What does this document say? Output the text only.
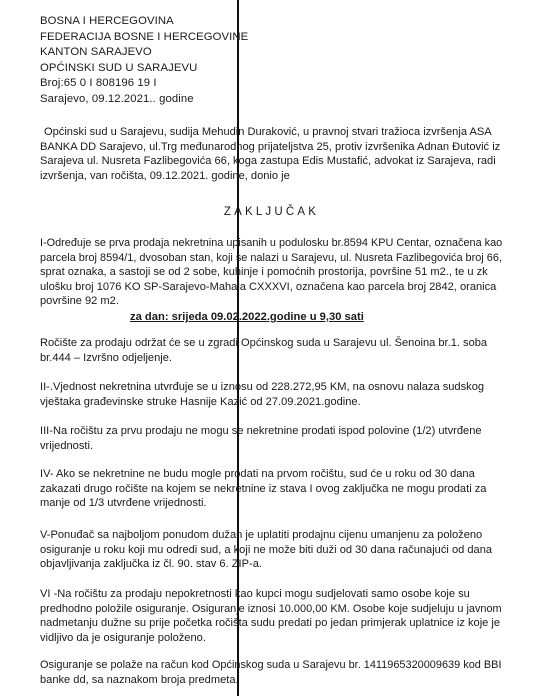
BOSNA I HERCEGOVINA
FEDERACIJA BOSNE I HERCEGOVINE
KANTON SARAJEVO
OPĆINSKI SUD U SARAJEVU
Broj:65 0 I 808196 19 I
Sarajevo, 09.12.2021.. godine
Općinski sud u Sarajevu, sudija Mehudin Duraković, u pravnoj stvari tražioca izvršenja ASA
BANKA DD Sarajevo, ul.Trg međunarodnog prijateljstva 25, protiv izvršenika Adnan Đutović iz
Sarajeva ul. Nusreta Fazlibegovića 66, koga zastupa Edis Mustafić, advokat iz Sarajeva, radi
izvršenja, van ročišta, 09.12.2021. godine, donio je
ZAKLJUČAK
I-Određuje se prva prodaja nekretnina upisanih u podulosku br.8594 KPU Centar, označena kao
parcela broj 8594/1, dvosoban stan, koji se nalazi u Sarajevu, ul. Nusreta Fazlibegovića broj 66,
sprat oznaka, a sastoji se od 2 sobe, kuhinje i pomoćnih prostorija, površine 51 m2., te u zk
ulošku broj 1076 KO SP-Sarajevo-Mahala CXXXVI, označena kao parcela broj 2842, oranica
površine 92 m2.
za dan: srijeda 09.02.2022.godine u 9,30 sati
Ročište za prodaju održat će se u zgradi Općinskog suda u Sarajevu ul. Šenoina br.1. soba
br.444 – Izvršno odjeljenje.
II-.Vjednost nekretnina utvrđuje se u iznosu od 228.272,95 KM, na osnovu nalaza sudskog
vještaka građevinske struke Hasnije Kazić od 27.09.2021.godine.
III-Na ročištu za prvu prodaju ne mogu se nekretnine prodati ispod polovine (1/2) utvrđene
vrijednosti.
IV- Ako se nekretnine ne budu mogle prodati na prvom ročištu, sud će u roku od 30 dana
zakazati drugo ročište na kojem se nekretnine iz stava I ovog zaključka ne mogu prodati za
manje od 1/3 utvrđene vrijednosti.
V-Ponuđač sa najboljom ponudom dužan je uplatiti prodajnu cijenu umanjenu za položeno
osiguranje u roku koji mu odredi sud, a koji ne može biti duži od 30 dana računajući od dana
objavljivanja zaključka iz čl. 90. stav 6. ZIP-a.
VI -Na ročištu za prodaju nepokretnosti kao kupci mogu sudjelovati samo osobe koje su
predhodno položile osiguranje. Osiguranje iznosi 10.000,00 KM. Osobe koje sudjeluju u javnom
nadmetanju dužne su prije početka ročišta sudu predati po jedan primjerak uplatnice iz koje je
vidljivo da je osiguranje položeno.
Osiguranje se polaže na račun kod Općinskog suda u Sarajevu br. 1411965320009639 kod BBI
banke dd, sa naznakom broja predmeta.
